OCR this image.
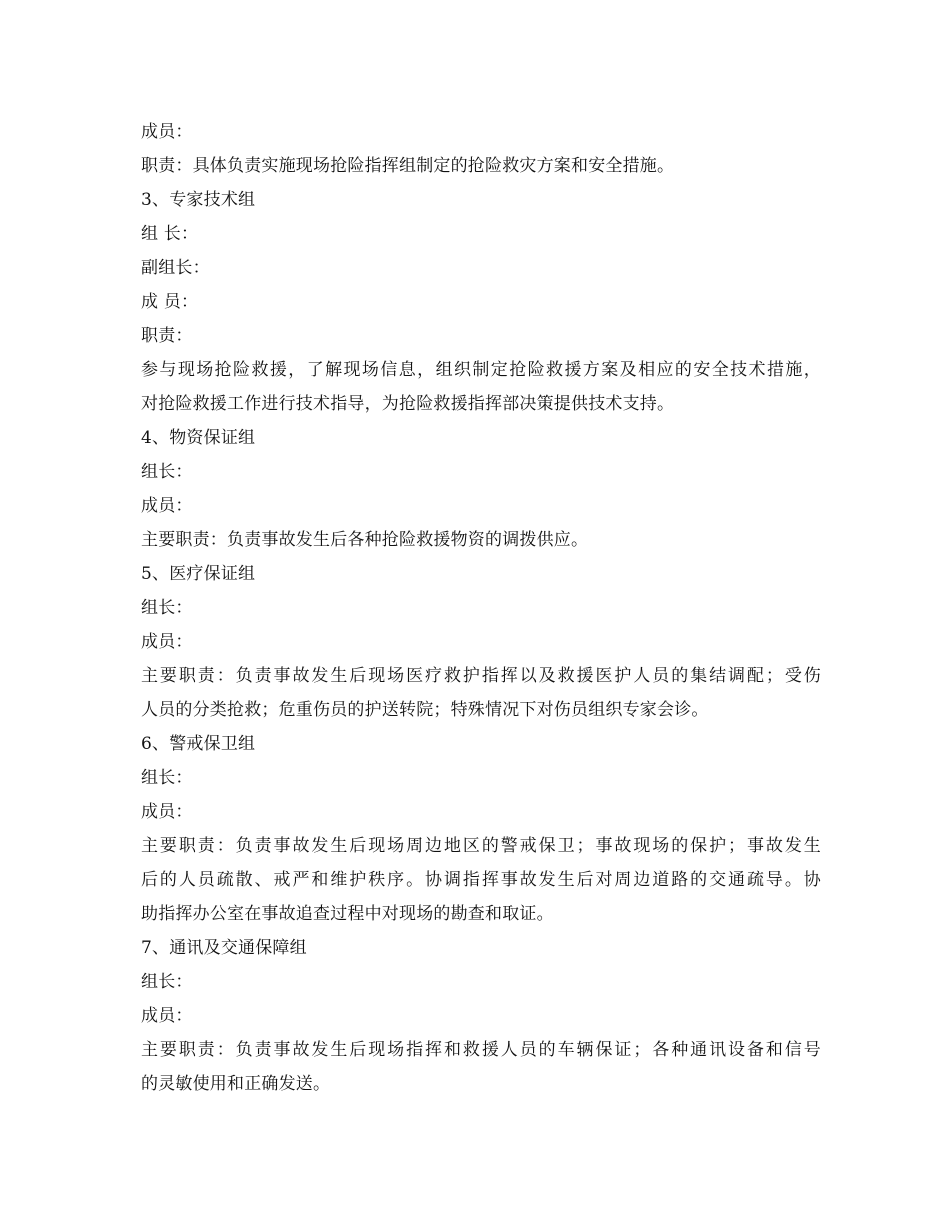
成员：
职责：具体负责实施现场抢险指挥组制定的抢险救灾方案和安全措施。
3、专家技术组
组 长：
副组长：
成 员：
职责：
参与现场抢险救援，了解现场信息，组织制定抢险救援方案及相应的安全技术措施，
对抢险救援工作进行技术指导，为抢险救援指挥部决策提供技术支持。
4、物资保证组
组长：
成员：
主要职责：负责事故发生后各种抢险救援物资的调拨供应。
5、医疗保证组
组长：
成员：
主要职责：负责事故发生后现场医疗救护指挥以及救援医护人员的集结调配；受伤
人员的分类抢救；危重伤员的护送转院；特殊情况下对伤员组织专家会诊。
6、警戒保卫组
组长：
成员：
主要职责：负责事故发生后现场周边地区的警戒保卫；事故现场的保护；事故发生
后的人员疏散、戒严和维护秩序。协调指挥事故发生后对周边道路的交通疏导。协
助指挥办公室在事故追查过程中对现场的勘查和取证。
7、通讯及交通保障组
组长：
成员：
主要职责：负责事故发生后现场指挥和救援人员的车辆保证；各种通讯设备和信号
的灵敏使用和正确发送。
